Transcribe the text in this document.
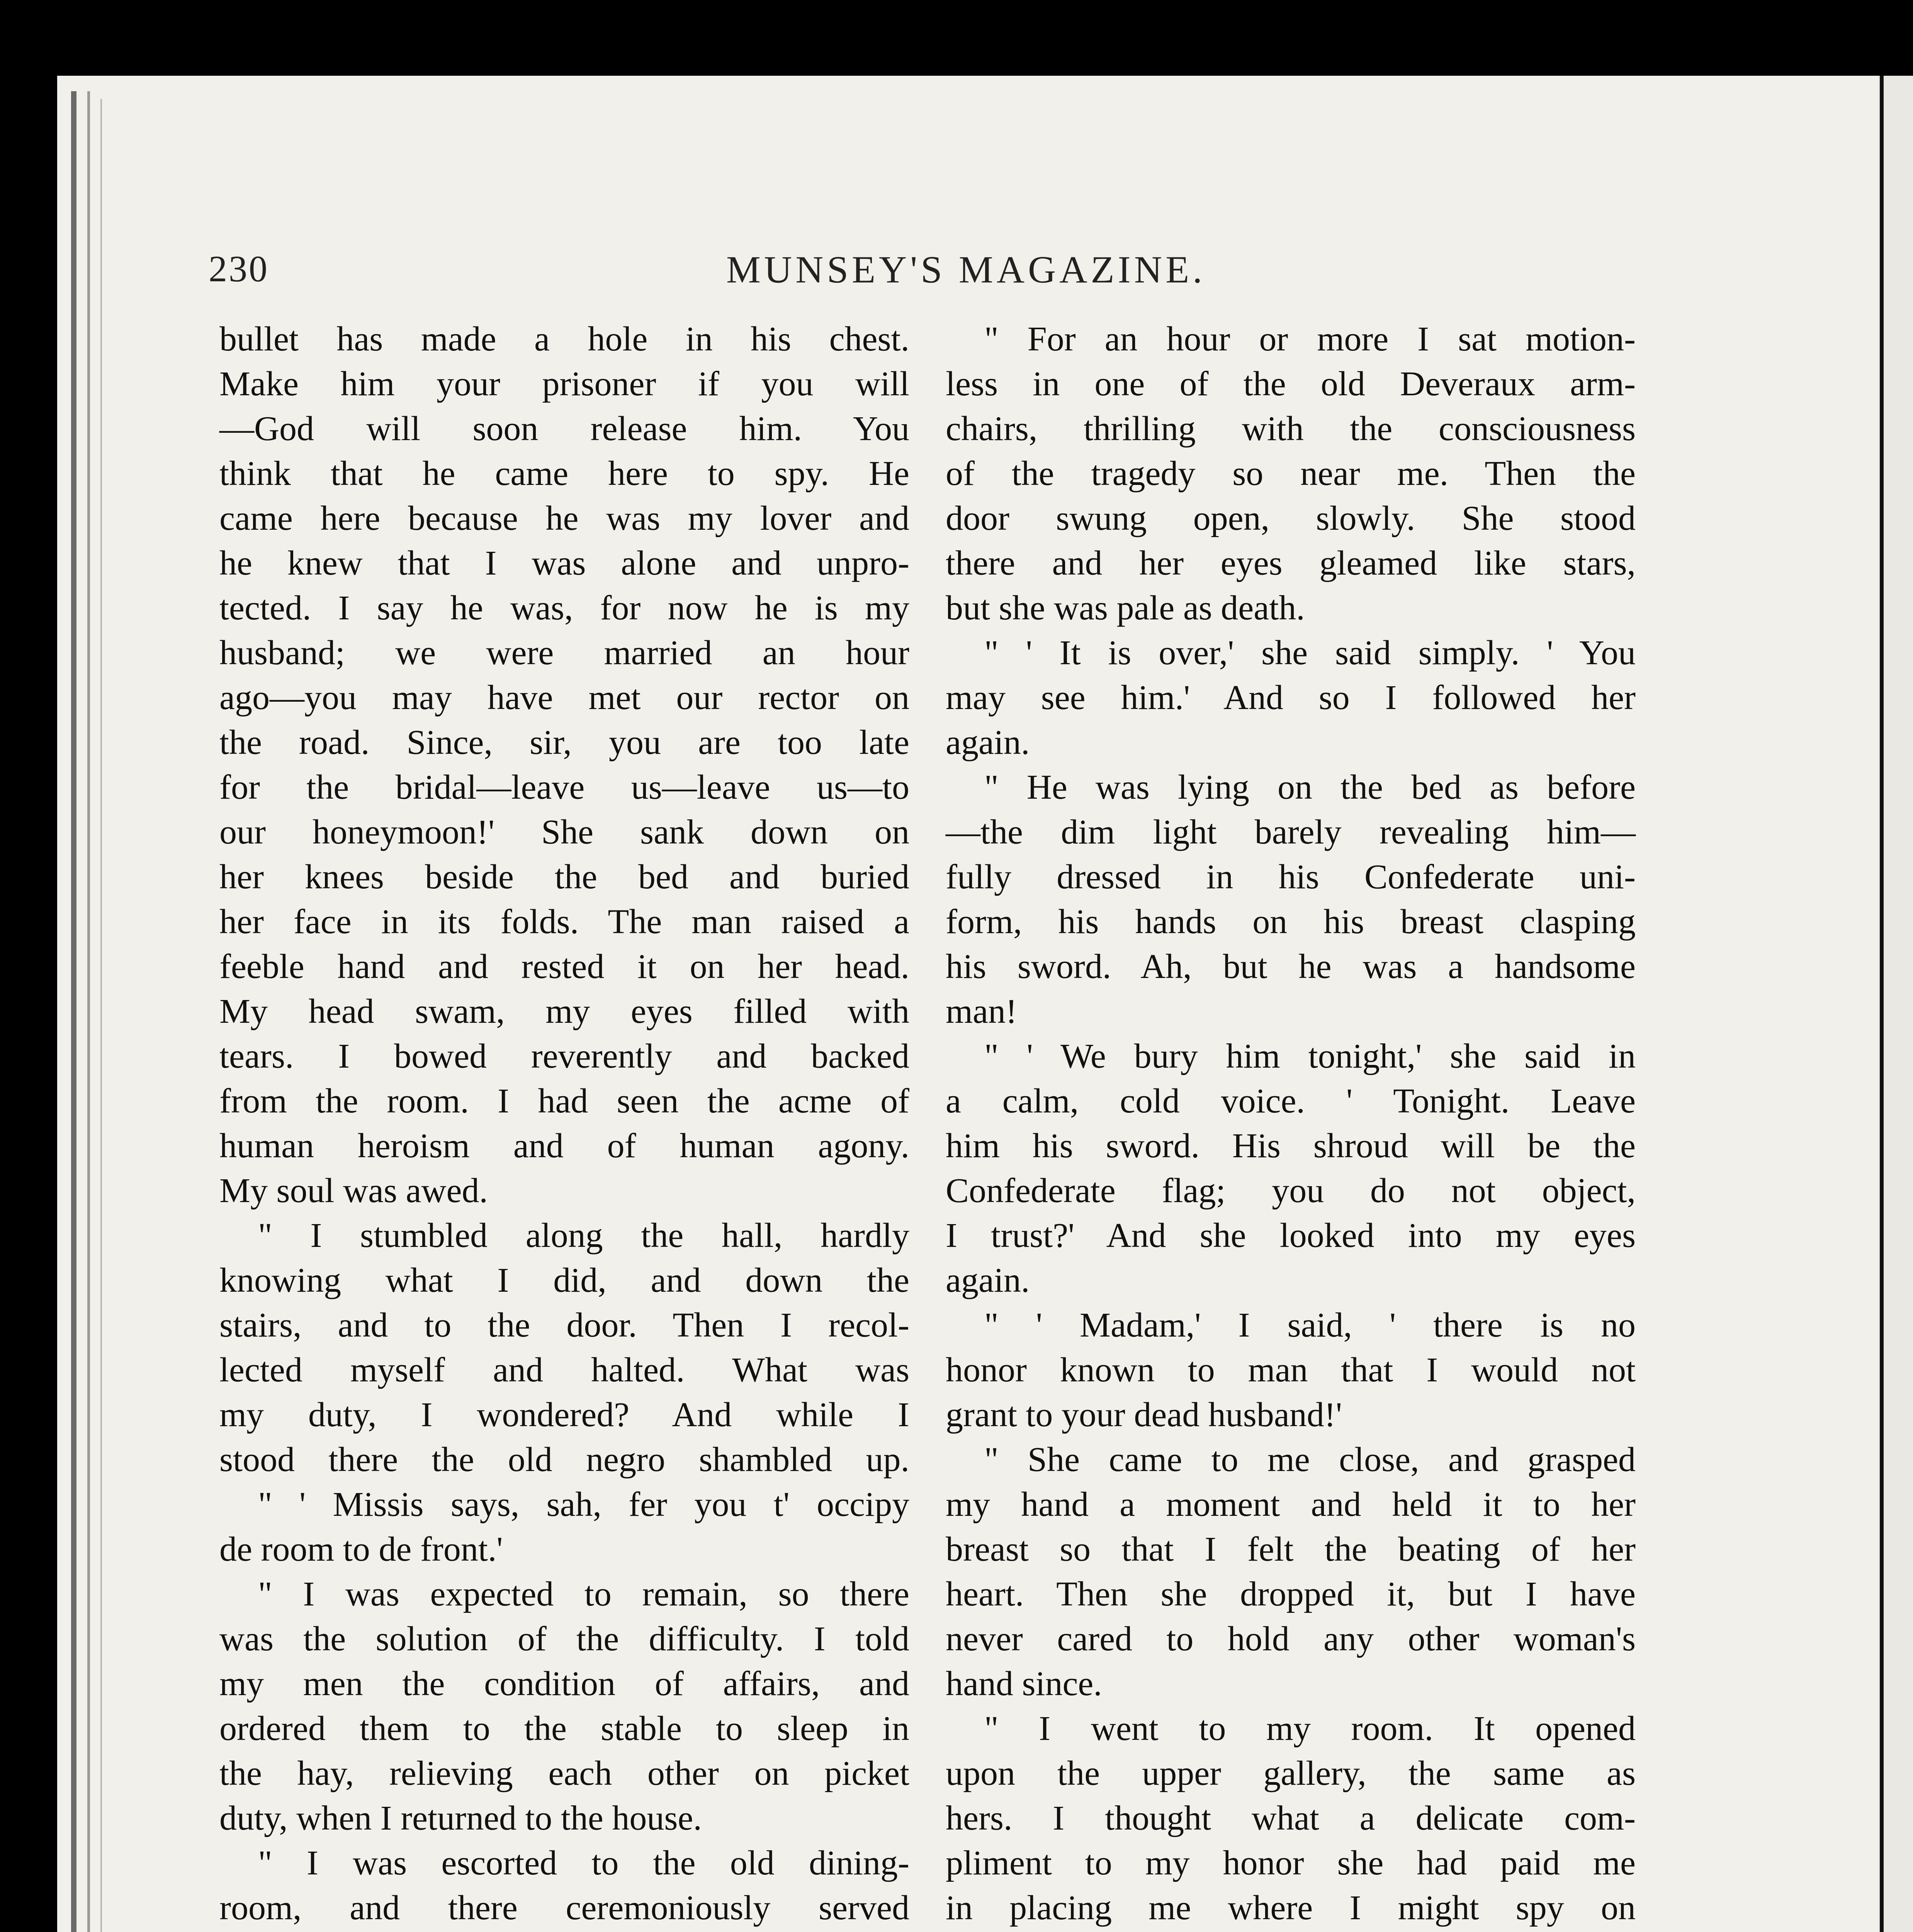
230	MUNSEY'S MAGAZINE.
bullet has made a hole in his chest.
Make him your prisoner if you will
—God will soon release him. You
think that he came here to spy. He
came here because he was my lover and
he knew that I was alone and unpro-
tected. I say he was, for now he is my
husband; we were married an hour
ago—you may have met our rector on
the road. Since, sir, you are too late
for the bridal—leave us—leave us—to
our honeymoon!' She sank down on
her knees beside the bed and buried
her face in its folds. The man raised a
feeble hand and rested it on her head.
My head swam, my eyes filled with
tears. I bowed reverently and backed
from the room. I had seen the acme of
human heroism and of human agony.
My soul was awed.
" I stumbled along the hall, hardly
knowing what I did, and down the
stairs, and to the door. Then I recol-
lected myself and halted. What was
my duty, I wondered? And while I
stood there the old negro shambled up.
" ' Missis says, sah, fer you t' occipy
de room to de front.'
" I was expected to remain, so there
was the solution of the difficulty. I told
my men the condition of affairs, and
ordered them to the stable to sleep in
the hay, relieving each other on picket
duty, when I returned to the house.
" I was escorted to the old dining-
room, and there ceremoniously served
" For an hour or more I sat motion-
less in one of the old Deveraux arm-
chairs, thrilling with the consciousness
of the tragedy so near me. Then the
door swung open, slowly. She stood
there and her eyes gleamed like stars,
but she was pale as death.
" ' It is over,' she said simply. ' You
may see him.' And so I followed her
again.
" He was lying on the bed as before
—the dim light barely revealing him—
fully dressed in his Confederate uni-
form, his hands on his breast clasping
his sword. Ah, but he was a handsome
man!
" ' We bury him tonight,' she said in
a calm, cold voice. ' Tonight. Leave
him his sword. His shroud will be the
Confederate flag; you do not object,
I trust?' And she looked into my eyes
again.
" ' Madam,' I said, ' there is no
honor known to man that I would not
grant to your dead husband!'
" She came to me close, and grasped
my hand a moment and held it to her
breast so that I felt the beating of her
heart. Then she dropped it, but I have
never cared to hold any other woman's
hand since.
" I went to my room. It opened
upon the upper gallery, the same as
hers. I thought what a delicate com-
pliment to my honor she had paid me
in placing me where I might spy on
